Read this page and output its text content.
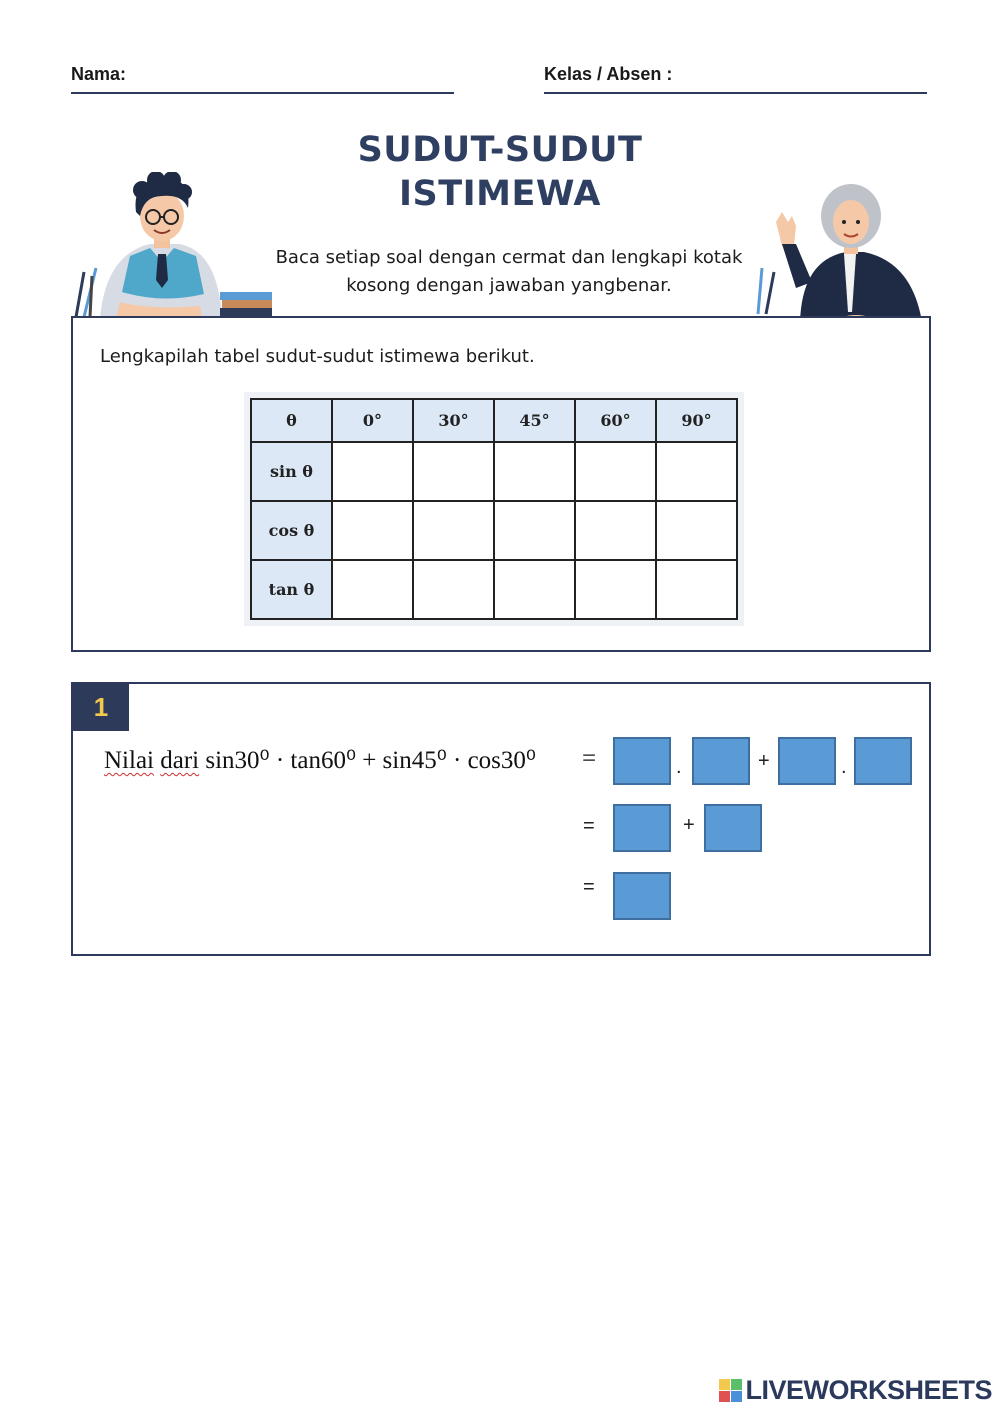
Nama:	Kelas / Absen :
SUDUT-SUDUT
ISTIMEWA
Baca setiap soal dengan cermat dan lengkapi kotak
kosong dengan jawaban yangbenar.
Lengkapilah tabel sudut-sudut istimewa berikut.
θ	0°	30°	45°	60°	90°
sin θ					
cos θ					
tan θ					
1
Nilai dari sin30⁰ · tan60⁰ + sin45⁰ · cos30⁰ =	.	+	.
=	+
=
LIVEWORKSHEETS
